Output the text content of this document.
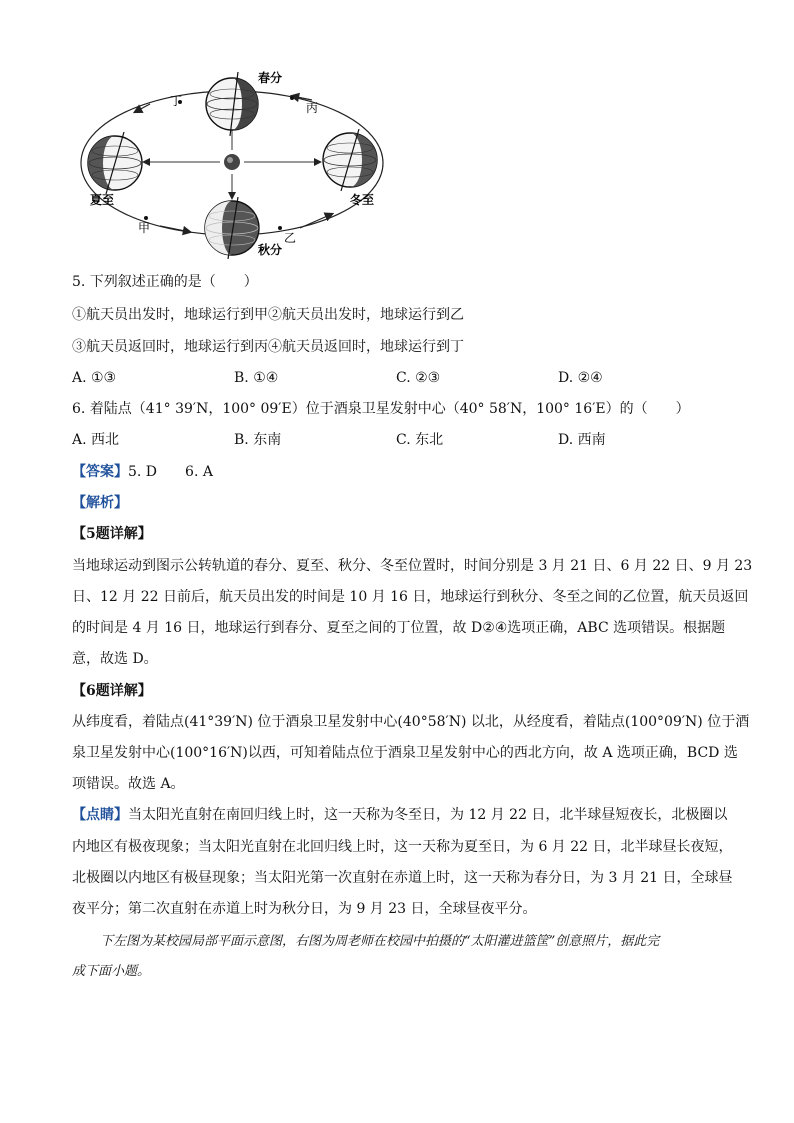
春分
夏至	冬至
秋分
丁	丙
甲
乙
5. 下列叙述正确的是（　　）
①航天员出发时，地球运行到甲②航天员出发时，地球运行到乙
③航天员返回时，地球运行到丙④航天员返回时，地球运行到丁
A. ①③	B. ①④	C. ②③	D. ②④
6. 着陆点（41° 39′N，100° 09′E）位于酒泉卫星发射中心（40° 58′N，100° 16′E）的（　　）
A. 西北	B. 东南	C. 东北	D. 西南
【答案】5. D　　6. A
【解析】
【5题详解】
当地球运动到图示公转轨道的春分、夏至、秋分、冬至位置时，时间分别是 3 月 21 日、6 月 22 日、9 月 23
日、12 月 22 日前后，航天员出发的时间是 10 月 16 日，地球运行到秋分、冬至之间的乙位置，航天员返回
的时间是 4 月 16 日，地球运行到春分、夏至之间的丁位置，故 D②④选项正确，ABC 选项错误。根据题
意，故选 D。
【6题详解】
从纬度看，着陆点(41°39′N) 位于酒泉卫星发射中心(40°58′N) 以北，从经度看，着陆点(100°09′N) 位于酒
泉卫星发射中心(100°16′N)以西，可知着陆点位于酒泉卫星发射中心的西北方向，故 A 选项正确，BCD 选
项错误。故选 A。
【点睛】当太阳光直射在南回归线上时，这一天称为冬至日，为 12 月 22 日，北半球昼短夜长，北极圈以
内地区有极夜现象；当太阳光直射在北回归线上时，这一天称为夏至日，为 6 月 22 日，北半球昼长夜短，
北极圈以内地区有极昼现象；当太阳光第一次直射在赤道上时，这一天称为春分日，为 3 月 21 日，全球昼
夜平分；第二次直射在赤道上时为秋分日，为 9 月 23 日，全球昼夜平分。
下左图为某校园局部平面示意图，右图为周老师在校园中拍摄的“太阳灌进篮筐”创意照片，据此完
成下面小题。
